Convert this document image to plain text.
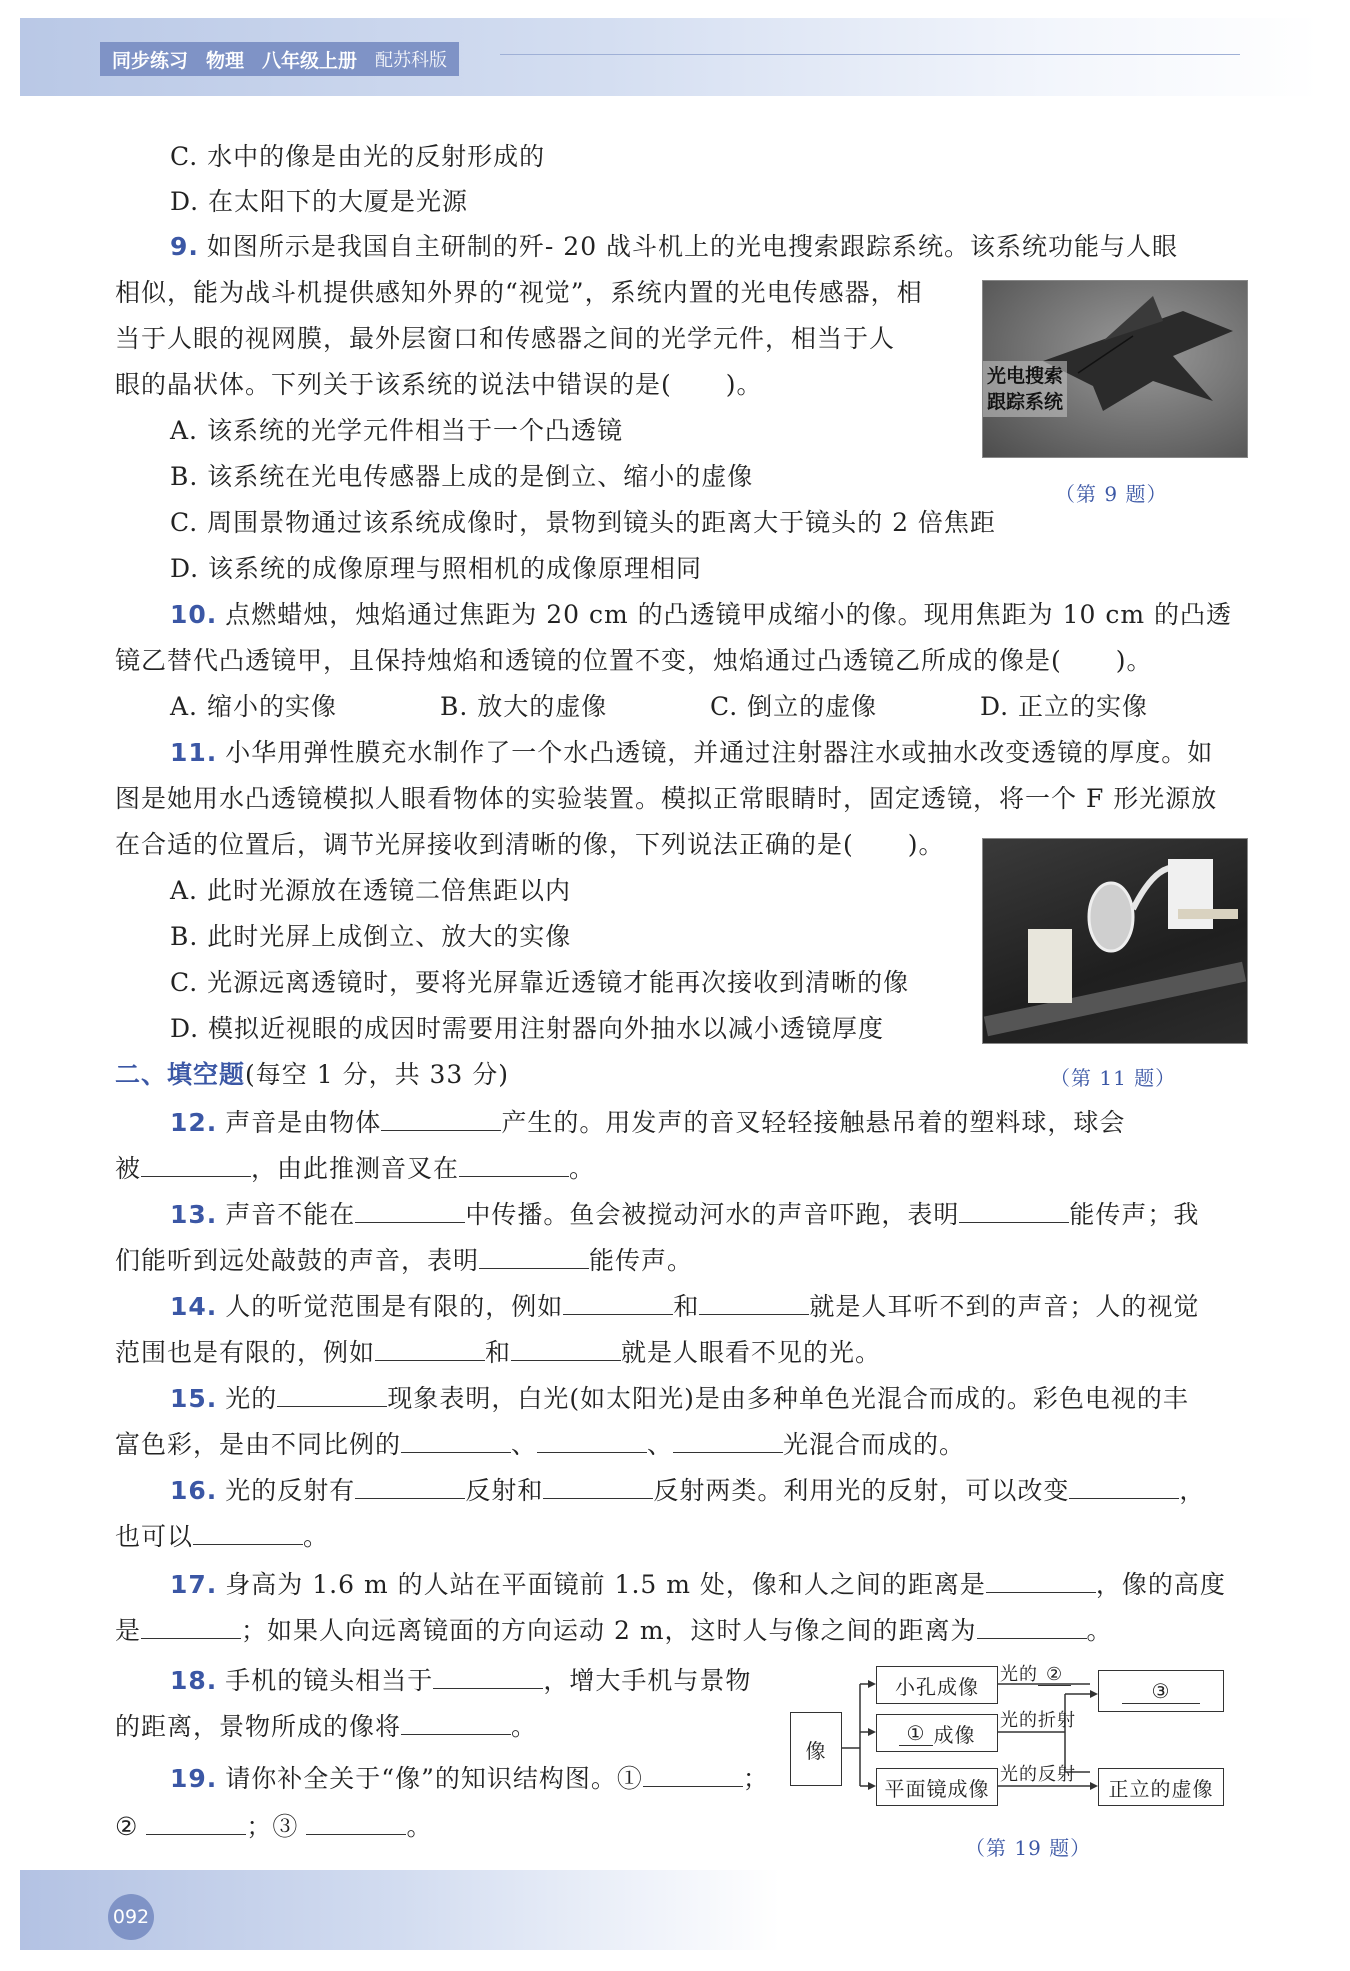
同步练习 物理 八年级上册 配苏科版
C. 水中的像是由光的反射形成的
D. 在太阳下的大厦是光源
9. 如图所示是我国自主研制的歼- 20 战斗机上的光电搜索跟踪系统。该系统功能与人眼
相似，能为战斗机提供感知外界的“视觉”，系统内置的光电传感器，相
当于人眼的视网膜，最外层窗口和传感器之间的光学元件，相当于人
眼的晶状体。下列关于该系统的说法中错误的是( )。
A. 该系统的光学元件相当于一个凸透镜
B. 该系统在光电传感器上成的是倒立、缩小的虚像
C. 周围景物通过该系统成像时，景物到镜头的距离大于镜头的 2 倍焦距
D. 该系统的成像原理与照相机的成像原理相同
光电搜索
跟踪系统
（第 9 题）
10. 点燃蜡烛，烛焰通过焦距为 20 cm 的凸透镜甲成缩小的像。现用焦距为 10 cm 的凸透
镜乙替代凸透镜甲，且保持烛焰和透镜的位置不变，烛焰通过凸透镜乙所成的像是( )。
A. 缩小的实像	B. 放大的虚像	C. 倒立的虚像	D. 正立的实像
11. 小华用弹性膜充水制作了一个水凸透镜，并通过注射器注水或抽水改变透镜的厚度。如
图是她用水凸透镜模拟人眼看物体的实验装置。模拟正常眼睛时，固定透镜，将一个 F 形光源放
在合适的位置后，调节光屏接收到清晰的像，下列说法正确的是( )。
A. 此时光源放在透镜二倍焦距以内
B. 此时光屏上成倒立、放大的实像
C. 光源远离透镜时，要将光屏靠近透镜才能再次接收到清晰的像
D. 模拟近视眼的成因时需要用注射器向外抽水以减小透镜厚度
（第 11 题）
二、填空题(每空 1 分，共 33 分)
12. 声音是由物体	产生的。用发声的音叉轻轻接触悬吊着的塑料球，球会
被	，由此推测音叉在	。
13. 声音不能在	中传播。鱼会被搅动河水的声音吓跑，表明	能传声；我
们能听到远处敲鼓的声音，表明	能传声。
14. 人的听觉范围是有限的，例如	和	就是人耳听不到的声音；人的视觉
范围也是有限的，例如	和	就是人眼看不见的光。
15. 光的	现象表明，白光(如太阳光)是由多种单色光混合而成的。彩色电视的丰
富色彩，是由不同比例的	、	、	光混合而成的。
16. 光的反射有	反射和	反射两类。利用光的反射，可以改变	，
也可以	。
17. 身高为 1.6 m 的人站在平面镜前 1.5 m 处，像和人之间的距离是	，像的高度
是	；如果人向远离镜面的方向运动 2 m，这时人与像之间的距离为	。
18. 手机的镜头相当于	，增大手机与景物
的距离，景物所成的像将	。
19. 请你补全关于“像”的知识结构图。①	；
②	；③	。
像
小孔成像
① 成像
平面镜成像
光的 ②
光的折射
光的反射
③
正立的虚像
（第 19 题）
092
